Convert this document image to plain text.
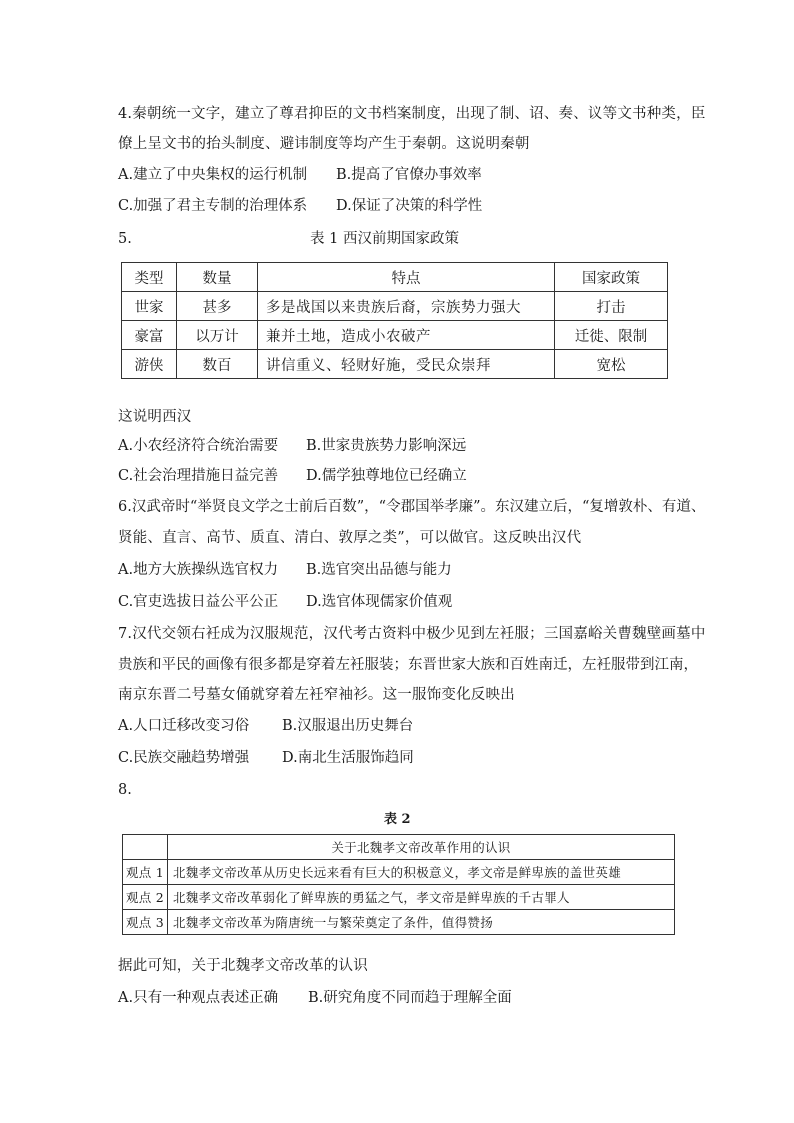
4.秦朝统一文字，建立了尊君抑臣的文书档案制度，出现了制、诏、奏、议等文书种类，臣
僚上呈文书的抬头制度、避讳制度等均产生于秦朝。这说明秦朝
A.建立了中央集权的运行机制 B.提高了官僚办事效率
C.加强了君主专制的治理体系 D.保证了决策的科学性
5.	表 1 西汉前期国家政策
类型	数量	特点	国家政策
世家	甚多	多是战国以来贵族后裔，宗族势力强大	打击
豪富	以万计	兼并土地，造成小农破产	迁徙、限制
游侠	数百	讲信重义、轻财好施，受民众崇拜	宽松
这说明西汉
A.小农经济符合统治需要 B.世家贵族势力影响深远
C.社会治理措施日益完善 D.儒学独尊地位已经确立
6.汉武帝时“举贤良文学之士前后百数”，“令郡国举孝廉”。东汉建立后，“复增敦朴、有道、
贤能、直言、高节、质直、清白、敦厚之类”，可以做官。这反映出汉代
A.地方大族操纵选官权力 B.选官突出品德与能力
C.官吏选拔日益公平公正 D.选官体现儒家价值观
7.汉代交领右衽成为汉服规范，汉代考古资料中极少见到左衽服；三国嘉峪关曹魏壁画墓中
贵族和平民的画像有很多都是穿着左衽服装；东晋世家大族和百姓南迁，左衽服带到江南，
南京东晋二号墓女俑就穿着左衽窄袖衫。这一服饰变化反映出
A.人口迁移改变习俗 B.汉服退出历史舞台
C.民族交融趋势增强 D.南北生活服饰趋同
8.
表 2
	关于北魏孝文帝改革作用的认识
观点 1	北魏孝文帝改革从历史长远来看有巨大的积极意义，孝文帝是鲜卑族的盖世英雄
观点 2	北魏孝文帝改革弱化了鲜卑族的勇猛之气，孝文帝是鲜卑族的千古罪人
观点 3	北魏孝文帝改革为隋唐统一与繁荣奠定了条件，值得赞扬
据此可知，关于北魏孝文帝改革的认识
A.只有一种观点表述正确 B.研究角度不同而趋于理解全面
